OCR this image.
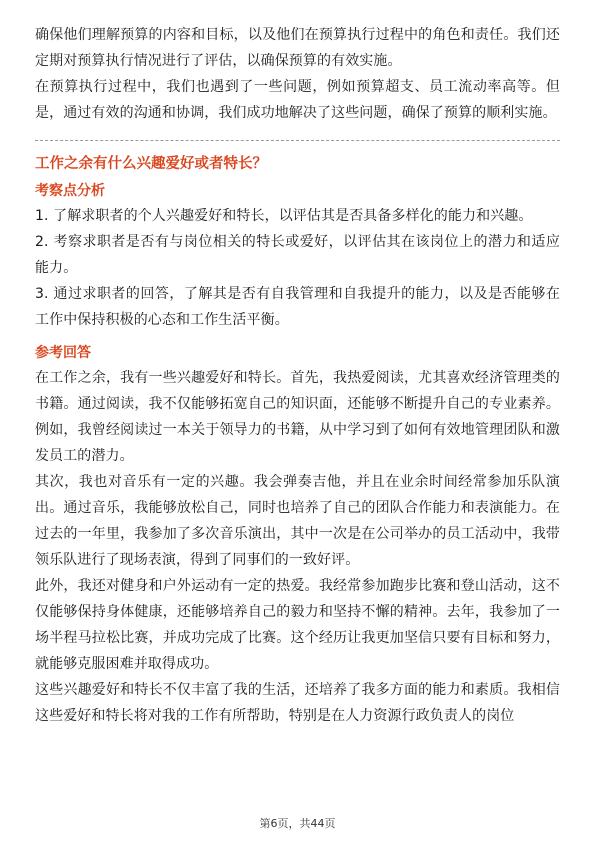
确保他们理解预算的内容和目标，以及他们在预算执行过程中的角色和责任。我们还定期对预算执行情况进行了评估，以确保预算的有效实施。

在预算执行过程中，我们也遇到了一些问题，例如预算超支、员工流动率高等。但是，通过有效的沟通和协调，我们成功地解决了这些问题，确保了预算的顺利实施。

工作之余有什么兴趣爱好或者特长？
考察点分析

1. 了解求职者的个人兴趣爱好和特长，以评估其是否具备多样化的能力和兴趣。

2. 考察求职者是否有与岗位相关的特长或爱好，以评估其在该岗位上的潜力和适应能力。

3. 通过求职者的回答，了解其是否有自我管理和自我提升的能力，以及是否能够在工作中保持积极的心态和工作生活平衡。

参考回答

在工作之余，我有一些兴趣爱好和特长。首先，我热爱阅读，尤其喜欢经济管理类的书籍。通过阅读，我不仅能够拓宽自己的知识面，还能够不断提升自己的专业素养。例如，我曾经阅读过一本关于领导力的书籍，从中学习到了如何有效地管理团队和激发员工的潜力。

其次，我也对音乐有一定的兴趣。我会弹奏吉他，并且在业余时间经常参加乐队演出。通过音乐，我能够放松自己，同时也培养了自己的团队合作能力和表演能力。在过去的一年里，我参加了多次音乐演出，其中一次是在公司举办的员工活动中，我带领乐队进行了现场表演，得到了同事们的一致好评。

此外，我还对健身和户外运动有一定的热爱。我经常参加跑步比赛和登山活动，这不仅能够保持身体健康，还能够培养自己的毅力和坚持不懈的精神。去年，我参加了一场半程马拉松比赛，并成功完成了比赛。这个经历让我更加坚信只要有目标和努力，就能够克服困难并取得成功。

这些兴趣爱好和特长不仅丰富了我的生活，还培养了我多方面的能力和素质。我相信这些爱好和特长将对我的工作有所帮助，特别是在人力资源行政负责人的岗位

第6页，共44页
